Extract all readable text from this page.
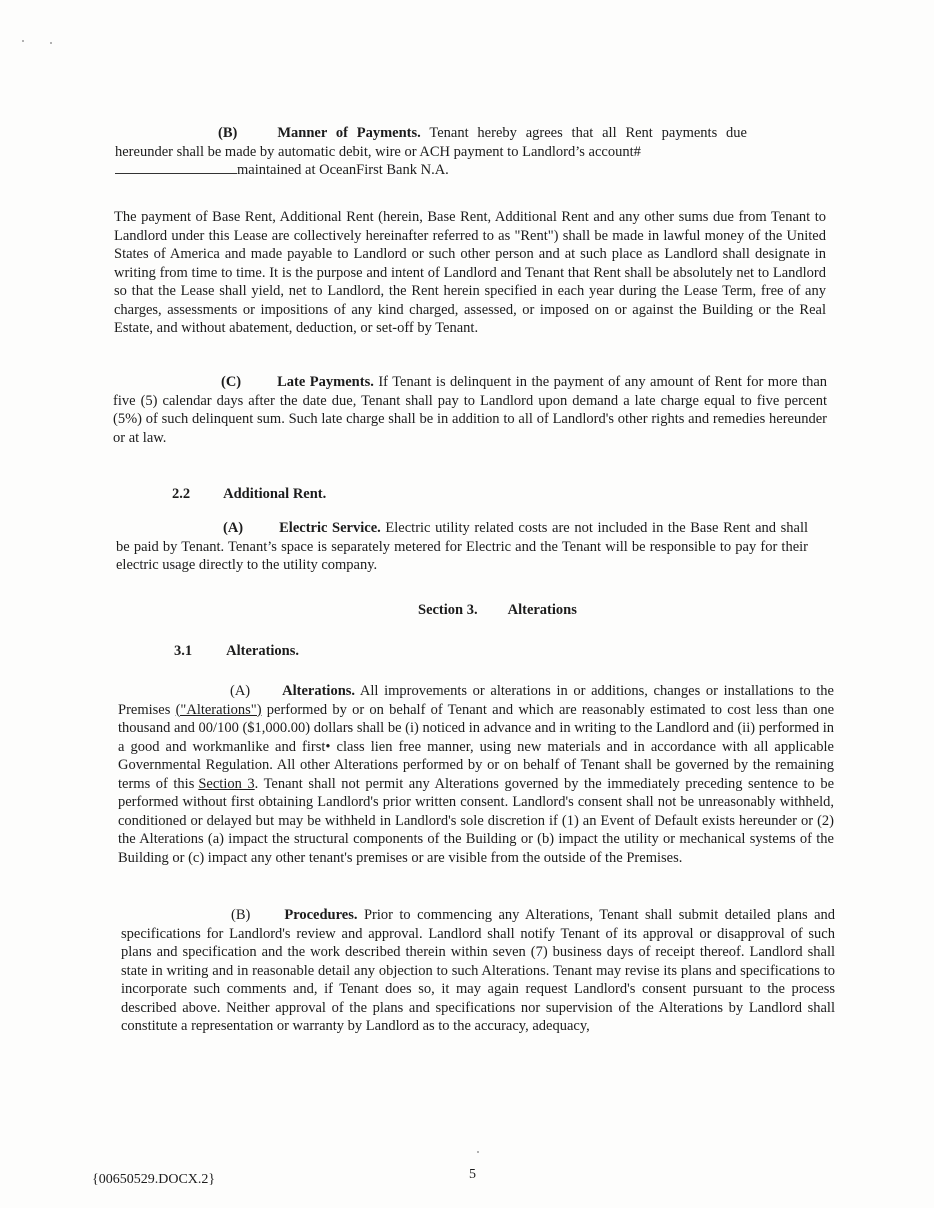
(B)	Manner of Payments. Tenant hereby agrees that all Rent payments due hereunder shall be made by automatic debit, wire or ACH payment to Landlord’s account#
maintained at OceanFirst Bank N.A.
The payment of Base Rent, Additional Rent (herein, Base Rent, Additional Rent and any other sums due from Tenant to Landlord under this Lease are collectively hereinafter referred to as "Rent") shall be made in lawful money of the United States of America and made payable to Landlord or such other person and at such place as Landlord shall designate in writing from time to time. It is the purpose and intent of Landlord and Tenant that Rent shall be absolutely net to Landlord so that the Lease shall yield, net to Landlord, the Rent herein specified in each year during the Lease Term, free of any charges, assessments or impositions of any kind charged, assessed, or imposed on or against the Building or the Real Estate, and without abatement, deduction, or set-off by Tenant.
(C) Late Payments. If Tenant is delinquent in the payment of any amount of Rent for more than five (5) calendar days after the date due, Tenant shall pay to Landlord upon demand a late charge equal to five percent (5%) of such delinquent sum. Such late charge shall be in addition to all of Landlord's other rights and remedies hereunder or at law.
2.2 Additional Rent.
(A) Electric Service. Electric utility related costs are not included in the Base Rent and shall be paid by Tenant. Tenant’s space is separately metered for Electric and the Tenant will be responsible to pay for their electric usage directly to the utility company.
Section 3. Alterations
3.1 Alterations.
(A) Alterations. All improvements or alterations in or additions, changes or installations to the Premises ("Alterations") performed by or on behalf of Tenant and which are reasonably estimated to cost less than one thousand and 00/100 ($1,000.00) dollars shall be (i) noticed in advance and in writing to the Landlord and (ii) performed in a good and workmanlike and first• class lien free manner, using new materials and in accordance with all applicable Governmental Regulation. All other Alterations performed by or on behalf of Tenant shall be governed by the remaining terms of this Section 3. Tenant shall not permit any Alterations governed by the immediately preceding sentence to be performed without first obtaining Landlord's prior written consent. Landlord's consent shall not be unreasonably withheld, conditioned or delayed but may be withheld in Landlord's sole discretion if (1) an Event of Default exists hereunder or (2) the Alterations (a) impact the structural components of the Building or (b) impact the utility or mechanical systems of the Building or (c) impact any other tenant's premises or are visible from the outside of the Premises.
(B) Procedures. Prior to commencing any Alterations, Tenant shall submit detailed plans and specifications for Landlord's review and approval. Landlord shall notify Tenant of its approval or disapproval of such plans and specification and the work described therein within seven (7) business days of receipt thereof. Landlord shall state in writing and in reasonable detail any objection to such Alterations. Tenant may revise its plans and specifications to incorporate such comments and, if Tenant does so, it may again request Landlord's consent pursuant to the process described above. Neither approval of the plans and specifications nor supervision of the Alterations by Landlord shall constitute a representation or warranty by Landlord as to the accuracy, adequacy,
{00650529.DOCX.2}	5
